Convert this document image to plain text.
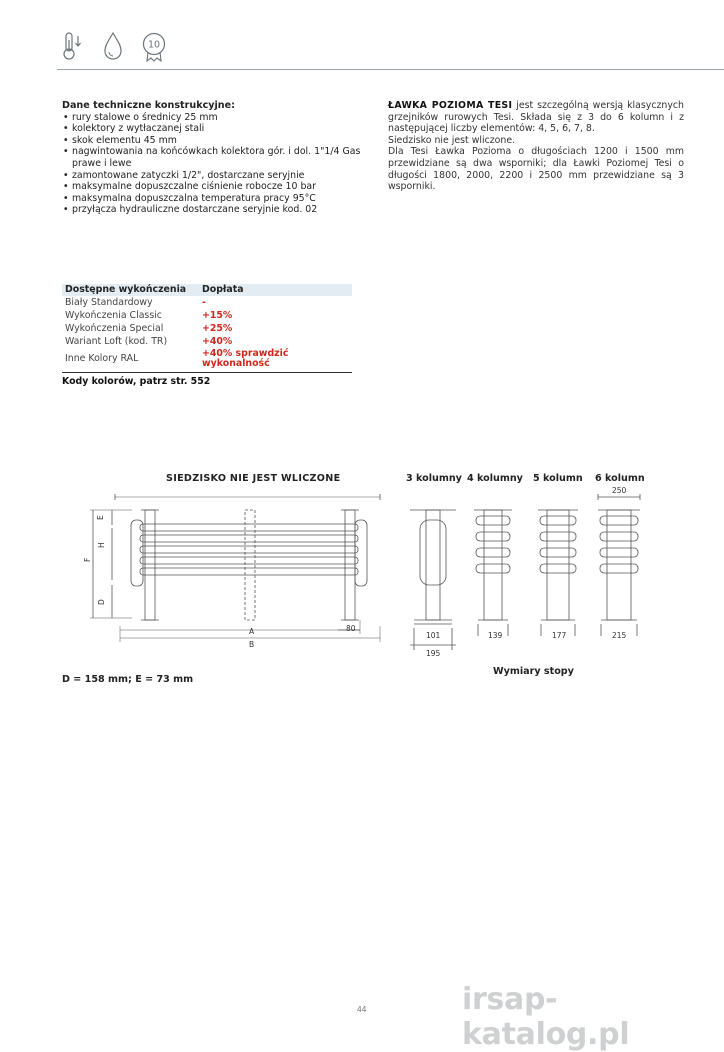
10
Dane techniczne konstrukcyjne:
• rury stalowe o średnicy 25 mm
• kolektory z wytłaczanej stali
• skok elementu 45 mm
• nagwintowania na końcówkach kolektora gór. i dol. 1"1/4 Gas prawe i lewe
• zamontowane zatyczki 1/2", dostarczane seryjnie
• maksymalne dopuszczalne ciśnienie robocze 10 bar
• maksymalna dopuszczalna temperatura pracy 95°C
• przyłącza hydrauliczne dostarczane seryjnie kod. 02

ŁAWKA POZIOMA TESI jest szczególną wersją klasycznych grzejników rurowych Tesi. Składa się z 3 do 6 kolumn i z następującej liczby elementów: 4, 5, 6, 7, 8.

Siedzisko nie jest wliczone.

Dla Tesi Ławka Pozioma o długościach 1200 i 1500 mm przewidziane są dwa wsporniki; dla Ławki Poziomej Tesi o długości 1800, 2000, 2200 i 2500 mm przewidziane są 3 wsporniki.

Dostępne wykończenia	Dopłata
Biały Standardowy	-
Wykończenia Classic	+15%
Wykończenia Special	+25%
Wariant Loft (kod. TR)	+40%
Inne Kolory RAL	+40% sprawdzić
wykonalność
Kody kolorów, patrz str. 552
SIEDZISKO NIE JEST WLICZONE	3 kolumny 4 kolumny 5 kolumn 6 kolumn
E
H
F
D
A
B
80
101
195
139	177	215
250
D = 158 mm; E = 73 mm
Wymiary stopy
44	irsap-katalog.pl
